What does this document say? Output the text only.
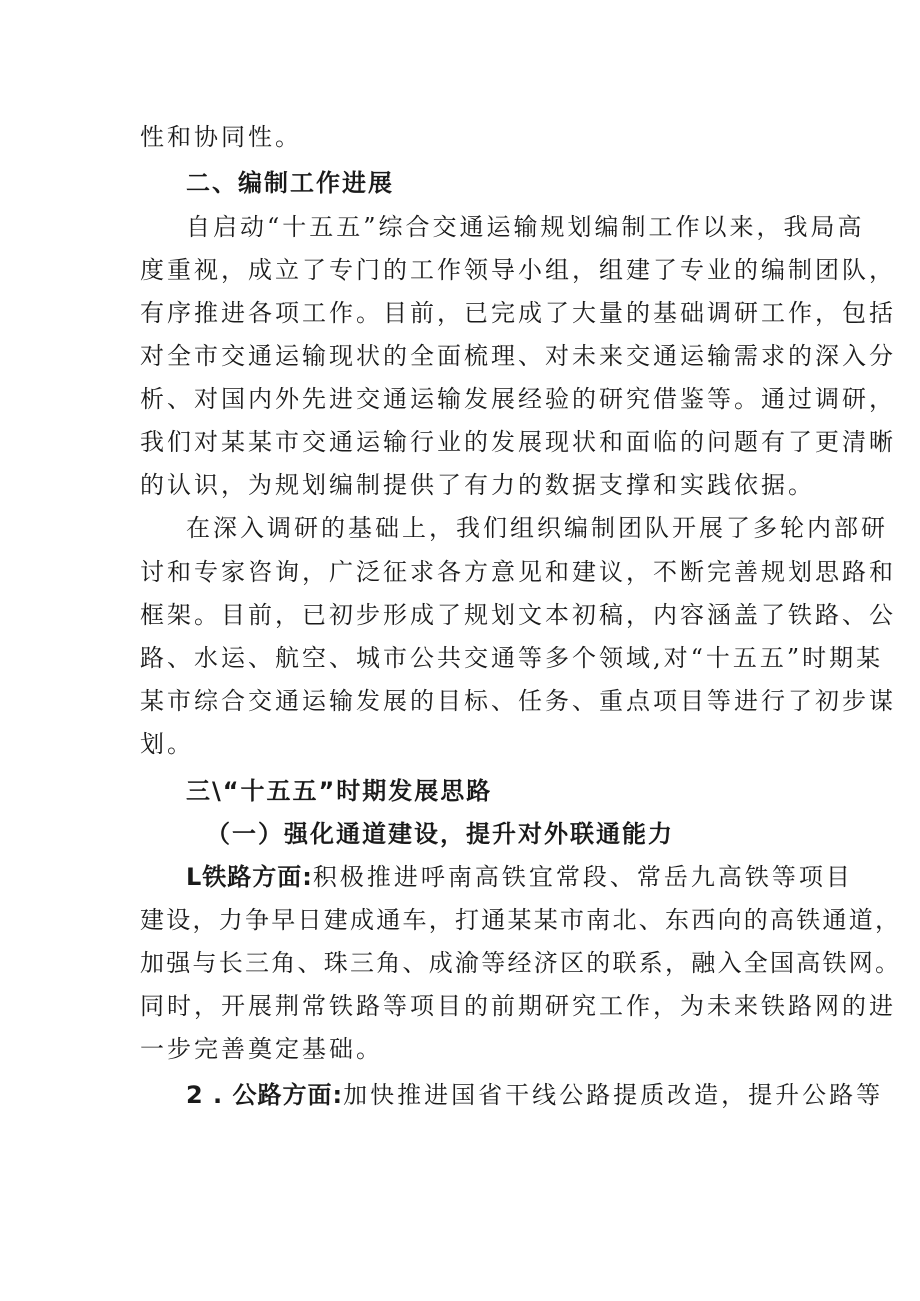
性和协同性。
二、编制工作进展
自启动“十五五”综合交通运输规划编制工作以来，我局高
度重视，成立了专门的工作领导小组，组建了专业的编制团队，
有序推进各项工作。目前，已完成了大量的基础调研工作，包括
对全市交通运输现状的全面梳理、对未来交通运输需求的深入分
析、对国内外先进交通运输发展经验的研究借鉴等。通过调研，
我们对某某市交通运输行业的发展现状和面临的问题有了更清晰
的认识，为规划编制提供了有力的数据支撑和实践依据。
在深入调研的基础上，我们组织编制团队开展了多轮内部研
讨和专家咨询，广泛征求各方意见和建议，不断完善规划思路和
框架。目前，已初步形成了规划文本初稿，内容涵盖了铁路、公
路、水运、航空、城市公共交通等多个领域,对“十五五”时期某
某市综合交通运输发展的目标、任务、重点项目等进行了初步谋
划。
三\“十五五”时期发展思路
（一）强化通道建设，提升对外联通能力
L铁路方面:积极推进呼南高铁宜常段、常岳九高铁等项目
建设，力争早日建成通车，打通某某市南北、东西向的高铁通道，
加强与长三角、珠三角、成渝等经济区的联系，融入全国高铁网。
同时，开展荆常铁路等项目的前期研究工作，为未来铁路网的进
一步完善奠定基础。
2 . 公路方面:加快推进国省干线公路提质改造，提升公路等
